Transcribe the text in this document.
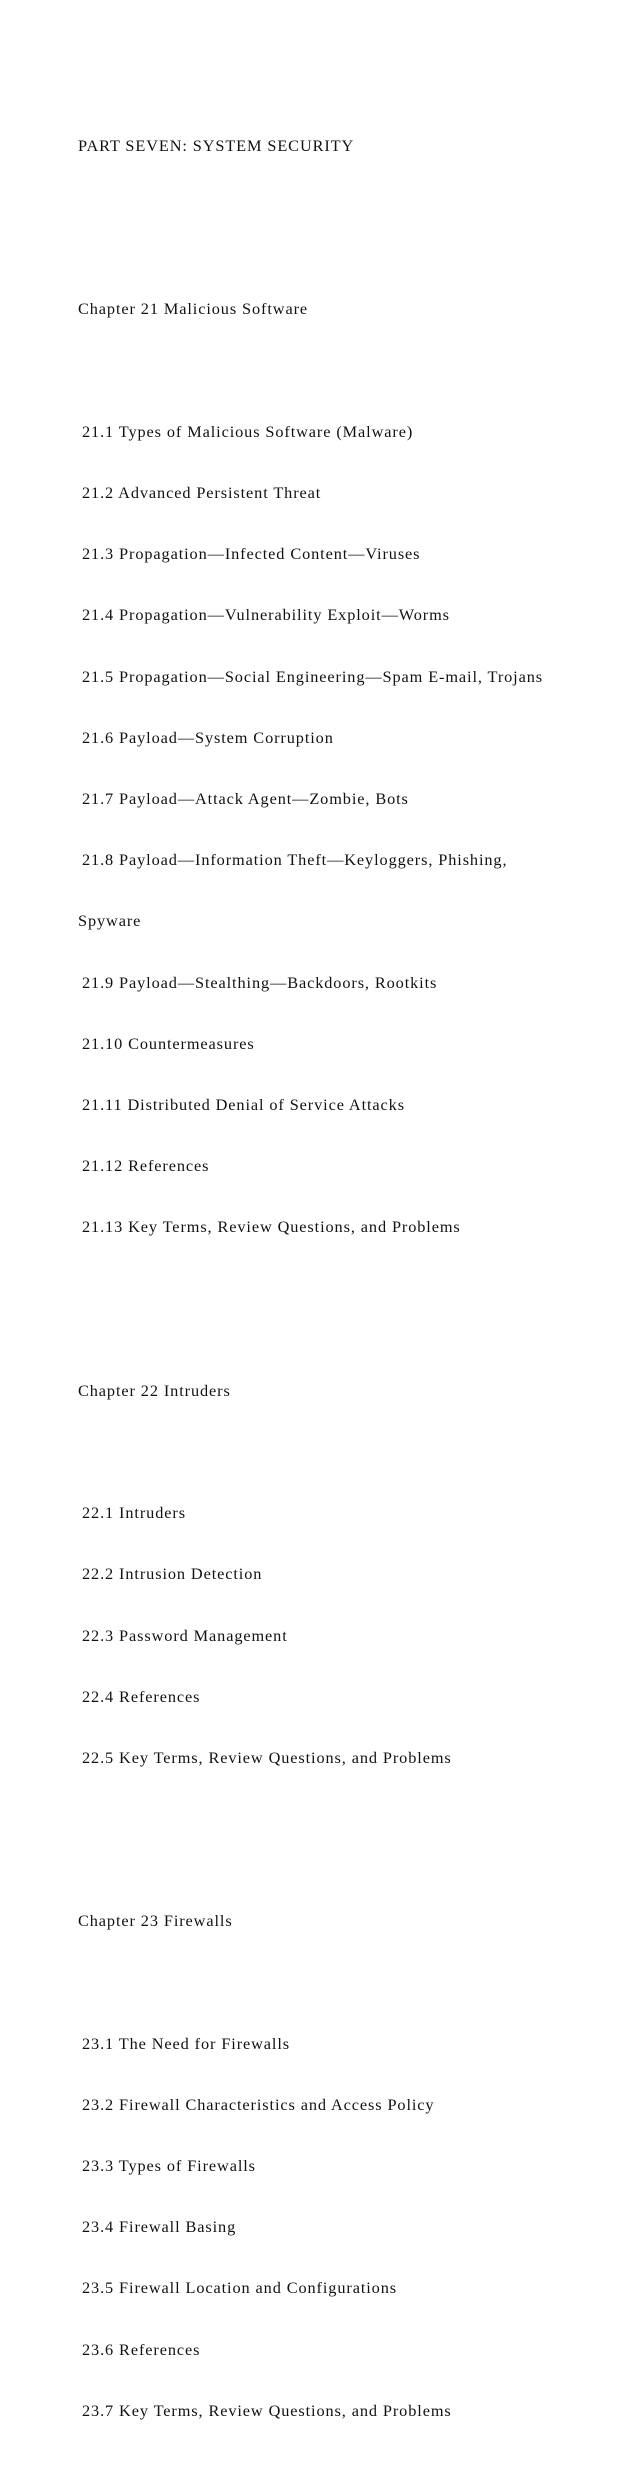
PART SEVEN: SYSTEM SECURITY

Chapter 21 Malicious Software

21.1 Types of Malicious Software (Malware)

21.2 Advanced Persistent Threat

21.3 Propagation—Infected Content—Viruses

21.4 Propagation—Vulnerability Exploit—Worms

21.5 Propagation—Social Engineering—Spam E-mail, Trojans

21.6 Payload—System Corruption

21.7 Payload—Attack Agent—Zombie, Bots

21.8 Payload—Information Theft—Keyloggers, Phishing,

Spyware

21.9 Payload—Stealthing—Backdoors, Rootkits

21.10 Countermeasures

21.11 Distributed Denial of Service Attacks

21.12 References

21.13 Key Terms, Review Questions, and Problems

Chapter 22 Intruders

22.1 Intruders

22.2 Intrusion Detection

22.3 Password Management

22.4 References

22.5 Key Terms, Review Questions, and Problems

Chapter 23 Firewalls

23.1 The Need for Firewalls

23.2 Firewall Characteristics and Access Policy

23.3 Types of Firewalls

23.4 Firewall Basing

23.5 Firewall Location and Configurations

23.6 References

23.7 Key Terms, Review Questions, and Problems
